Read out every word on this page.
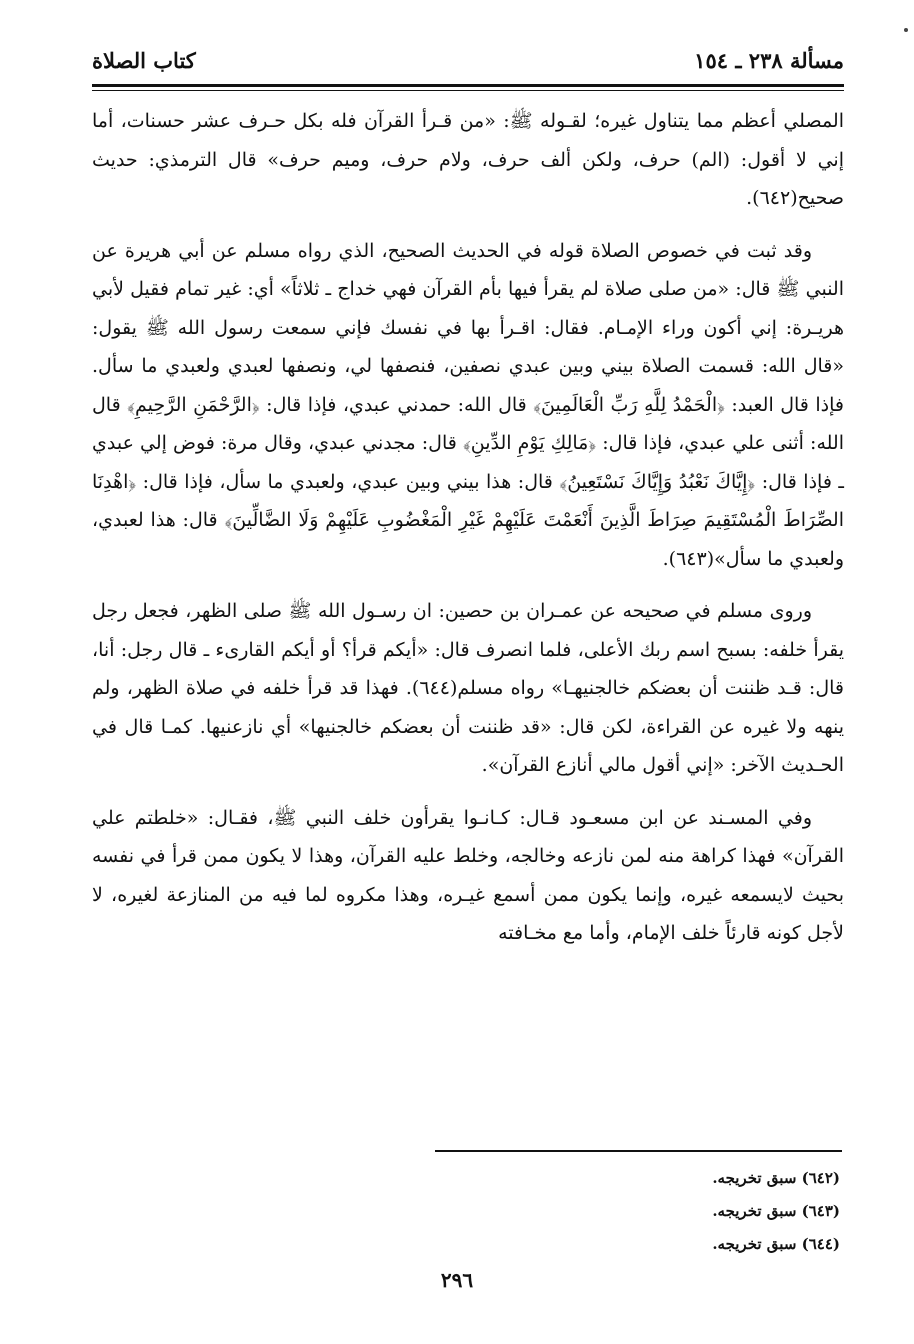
مسألة ٢٣٨ ـ ١٥٤
كتاب الصلاة

المصلي أعظم مما يتناول غيره؛ لقـوله ﷺ: «من قـرأ القرآن فله بكل حـرف عشر حسنات، أما إني لا أقول: (الم) حرف، ولكن ألف حرف، ولام حرف، وميم حرف» قال الترمذي: حديث صحيح(٦٤٢).

وقد ثبت في خصوص الصلاة قوله في الحديث الصحيح، الذي رواه مسلم عن أبي هريرة عن النبي ﷺ قال: «من صلى صلاة لم يقرأ فيها بأم القرآن فهي خداج ـ ثلاثاً» أي: غير تمام فقيل لأبي هريـرة: إني أكون وراء الإمـام. فقال: اقـرأ بها في نفسك فإني سمعت رسول الله ﷺ يقول: «قال الله: قسمت الصلاة بيني وبين عبدي نصفين، فنصفها لي، ونصفها لعبدي ولعبدي ما سأل. فإذا قال العبد: ﴿الْحَمْدُ لِلَّهِ رَبِّ الْعَالَمِينَ﴾ قال الله: حمدني عبدي، فإذا قال: ﴿الرَّحْمَنِ الرَّحِيمِ﴾ قال الله: أثنى علي عبدي، فإذا قال: ﴿مَالِكِ يَوْمِ الدِّينِ﴾ قال: مجدني عبدي، وقال مرة: فوض إلي عبدي ـ فإذا قال: ﴿إِيَّاكَ نَعْبُدُ وَإِيَّاكَ نَسْتَعِينُ﴾ قال: هذا بيني وبين عبدي، ولعبدي ما سأل، فإذا قال: ﴿اهْدِنَا الصِّرَاطَ الْمُسْتَقِيمَ صِرَاطَ الَّذِينَ أَنْعَمْتَ عَلَيْهِمْ غَيْرِ الْمَغْضُوبِ عَلَيْهِمْ وَلَا الضَّالِّينَ﴾ قال: هذا لعبدي، ولعبدي ما سأل»(٦٤٣).

وروى مسلم في صحيحه عن عمـران بن حصين: ان رسـول الله ﷺ صلى الظهر، فجعل رجل يقرأ خلفه: بسبح اسم ربك الأعلى، فلما انصرف قال: «أيكم قرأ؟ أو أيكم القارىء ـ قال رجل: أنا، قال: قـد ظننت أن بعضكم خالجنيهـا» رواه مسلم(٦٤٤). فهذا قد قرأ خلفه في صلاة الظهر، ولم ينهه ولا غيره عن القراءة، لكن قال: «قد ظننت أن بعضكم خالجنيها» أي نازعنيها. كمـا قال في الحـديث الآخر: «إني أقول مالي أنازع القرآن».

وفي المسـند عن ابن مسعـود قـال: كـانـوا يقرأون خلف النبي ﷺ، فقـال: «خلطتم علي القرآن» فهذا كراهة منه لمن نازعه وخالجه، وخلط عليه القرآن، وهذا لا يكون ممن قرأ في نفسه بحيث لايسمعه غيره، وإنما يكون ممن أسمع غيـره، وهذا مكروه لما فيه من المنازعة لغيره، لا لأجل كونه قارئاً خلف الإمام، وأما مع مخـافته

(٦٤٢) سبق تخريجه.

(٦٤٣) سبق تخريجه.

(٦٤٤) سبق تخريجه.

٢٩٦
